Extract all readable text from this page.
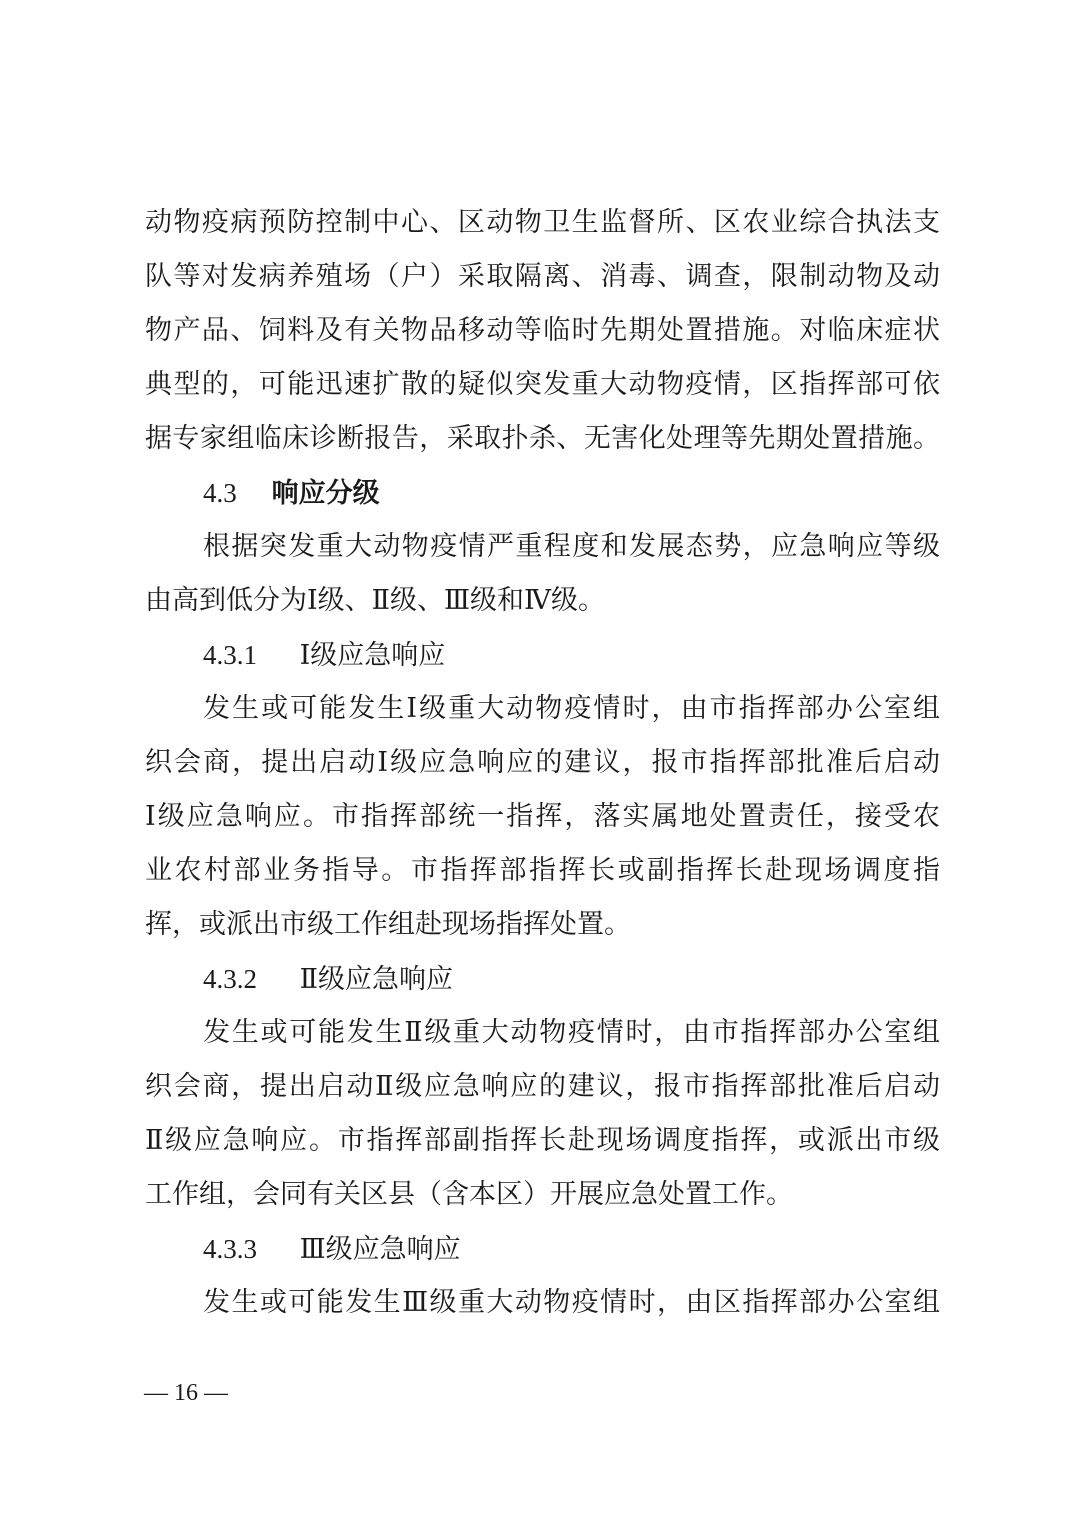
动物疫病预防控制中心、区动物卫生监督所、区农业综合执法支
队等对发病养殖场（户）采取隔离、消毒、调查，限制动物及动
物产品、饲料及有关物品移动等临时先期处置措施。对临床症状
典型的，可能迅速扩散的疑似突发重大动物疫情，区指挥部可依
据专家组临床诊断报告，采取扑杀、无害化处理等先期处置措施。
4.3 响应分级
根据突发重大动物疫情严重程度和发展态势，应急响应等级
由高到低分为Ⅰ级、Ⅱ级、Ⅲ级和Ⅳ级。
4.3.1 Ⅰ级应急响应
发生或可能发生Ⅰ级重大动物疫情时，由市指挥部办公室组
织会商，提出启动Ⅰ级应急响应的建议，报市指挥部批准后启动
Ⅰ级应急响应。市指挥部统一指挥，落实属地处置责任，接受农
业农村部业务指导。市指挥部指挥长或副指挥长赴现场调度指
挥，或派出市级工作组赴现场指挥处置。
4.3.2 Ⅱ级应急响应
发生或可能发生Ⅱ级重大动物疫情时，由市指挥部办公室组
织会商，提出启动Ⅱ级应急响应的建议，报市指挥部批准后启动
Ⅱ级应急响应。市指挥部副指挥长赴现场调度指挥，或派出市级
工作组，会同有关区县（含本区）开展应急处置工作。
4.3.3 Ⅲ级应急响应
发生或可能发生Ⅲ级重大动物疫情时，由区指挥部办公室组
— 16 —
